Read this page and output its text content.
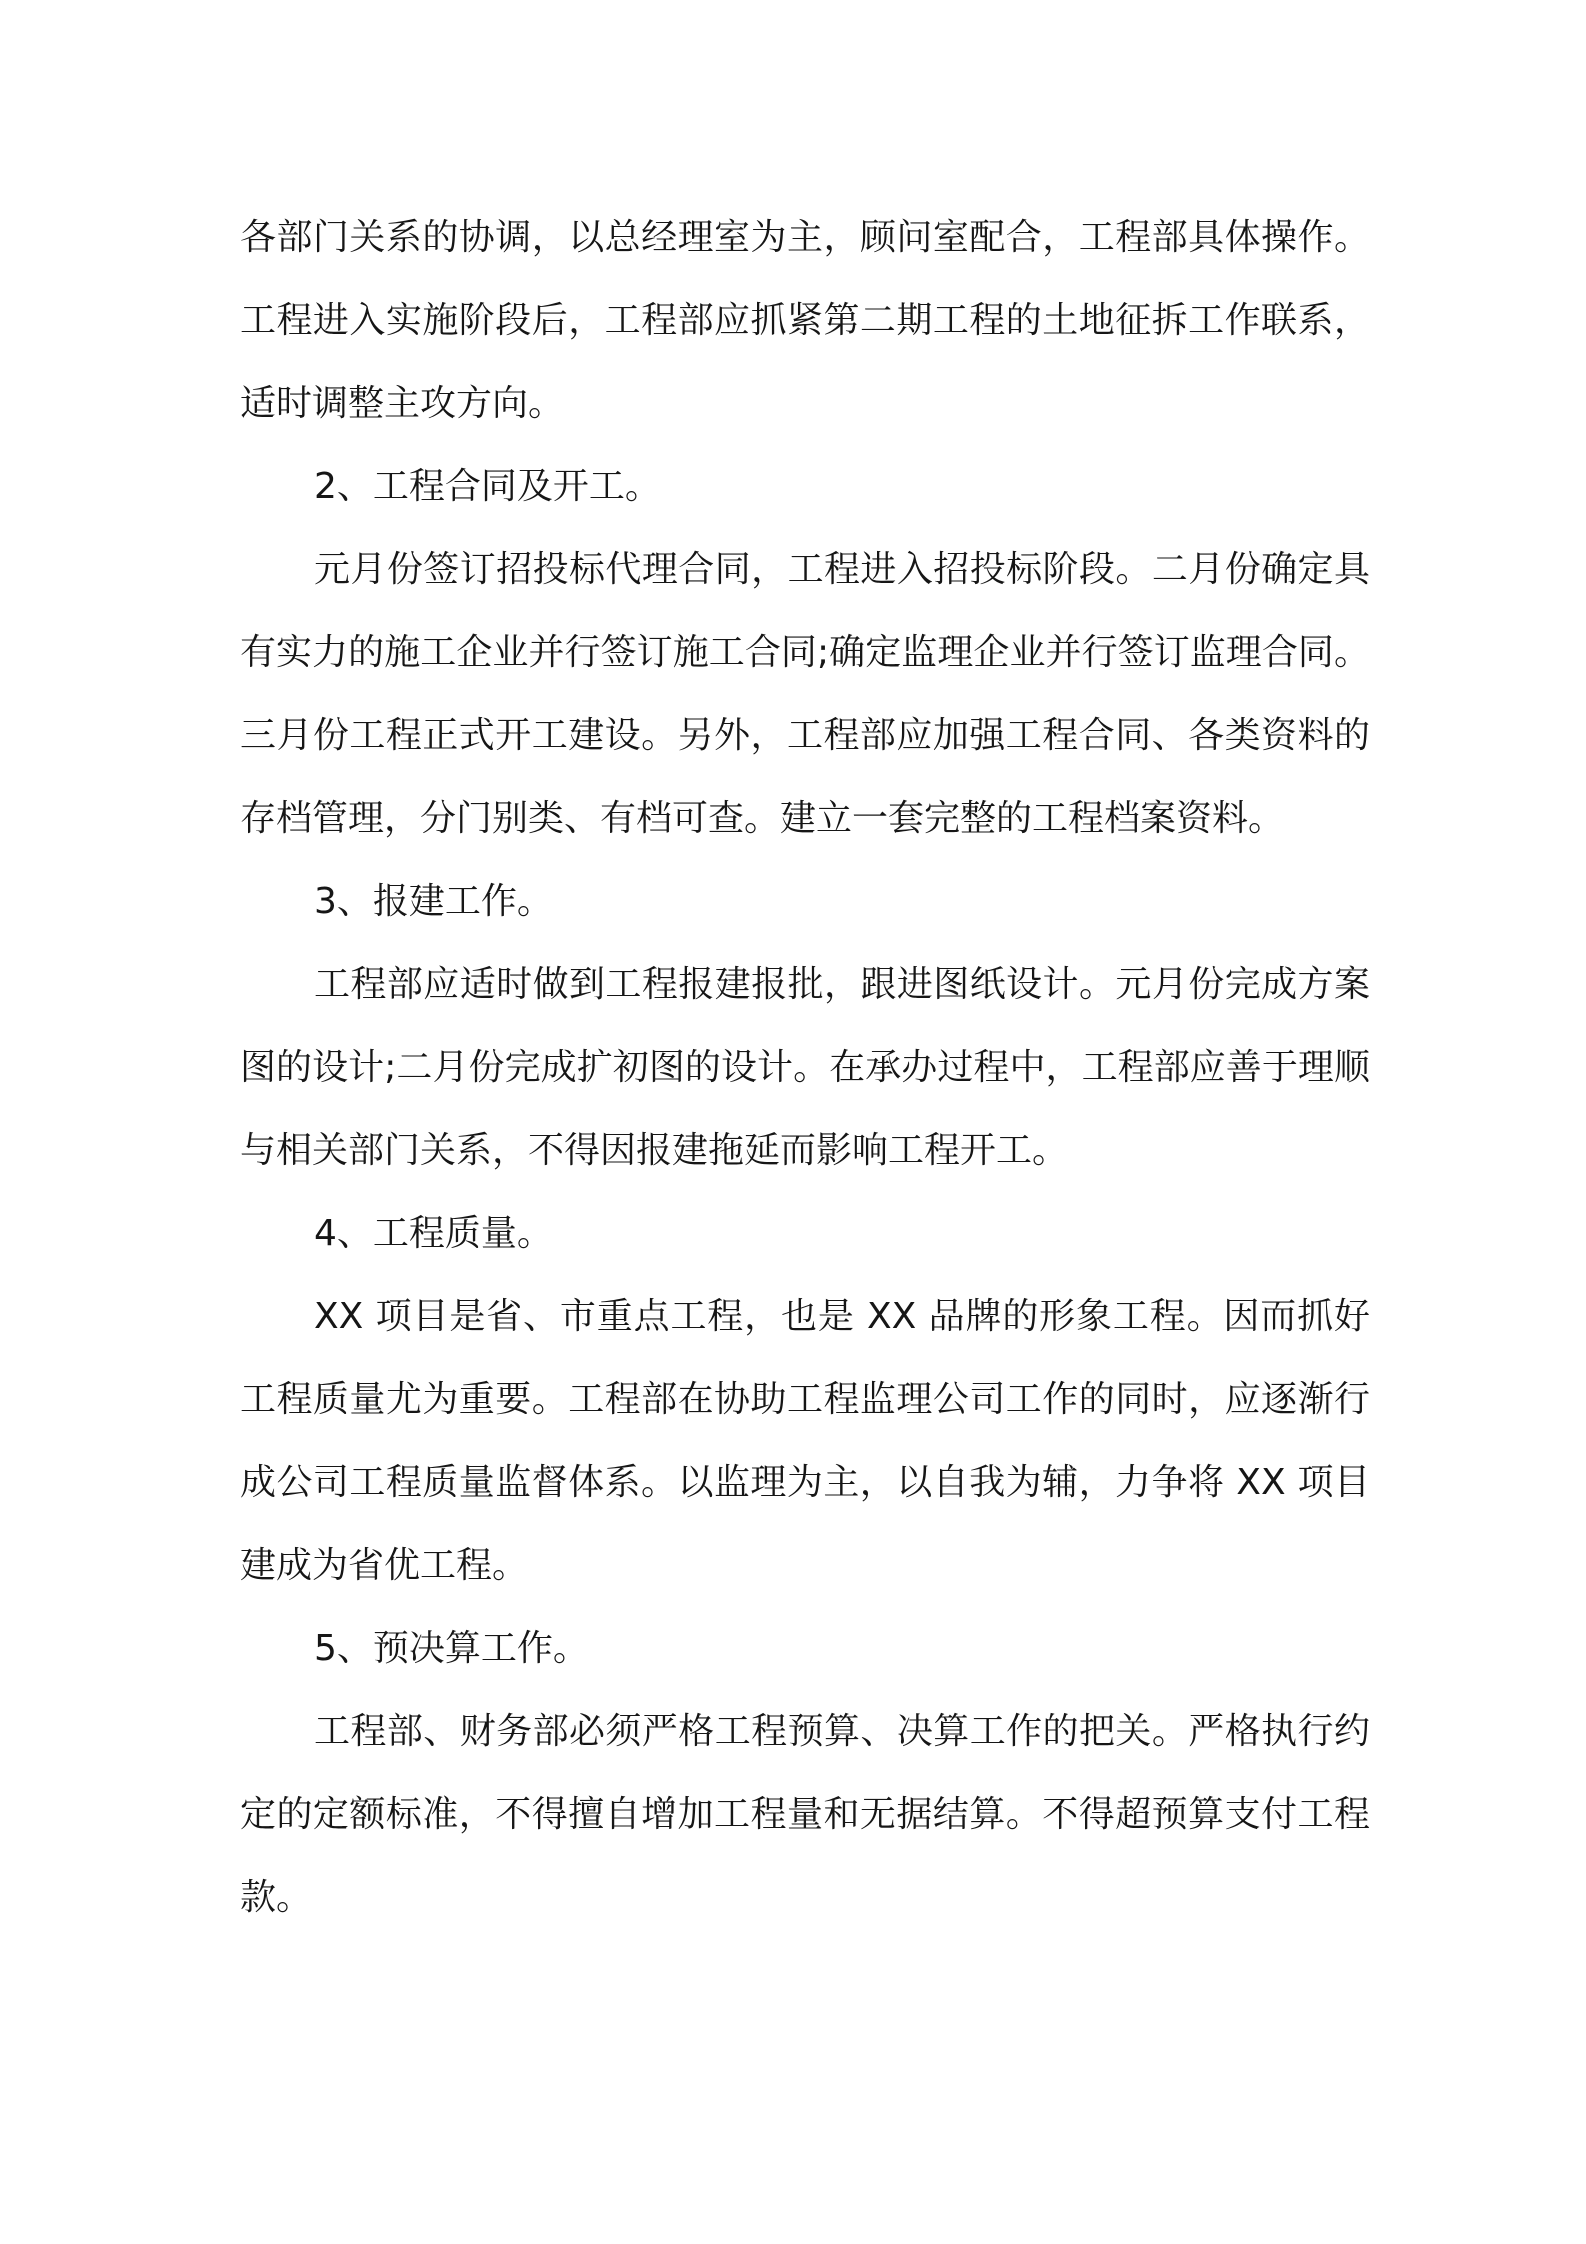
各部门关系的协调，以总经理室为主，顾问室配合，工程部具体操作。工程进入实施阶段后，工程部应抓紧第二期工程的土地征拆工作联系，适时调整主攻方向。

2、工程合同及开工。

元月份签订招投标代理合同，工程进入招投标阶段。二月份确定具有实力的施工企业并行签订施工合同;确定监理企业并行签订监理合同。三月份工程正式开工建设。另外，工程部应加强工程合同、各类资料的存档管理，分门别类、有档可查。建立一套完整的工程档案资料。

3、报建工作。

工程部应适时做到工程报建报批，跟进图纸设计。元月份完成方案图的设计;二月份完成扩初图的设计。在承办过程中，工程部应善于理顺与相关部门关系，不得因报建拖延而影响工程开工。

4、工程质量。

XX 项目是省、市重点工程，也是 XX 品牌的形象工程。因而抓好工程质量尤为重要。工程部在协助工程监理公司工作的同时，应逐渐行成公司工程质量监督体系。以监理为主，以自我为辅，力争将 XX 项目建成为省优工程。

5、预决算工作。

工程部、财务部必须严格工程预算、决算工作的把关。严格执行约定的定额标准，不得擅自增加工程量和无据结算。不得超预算支付工程款。
